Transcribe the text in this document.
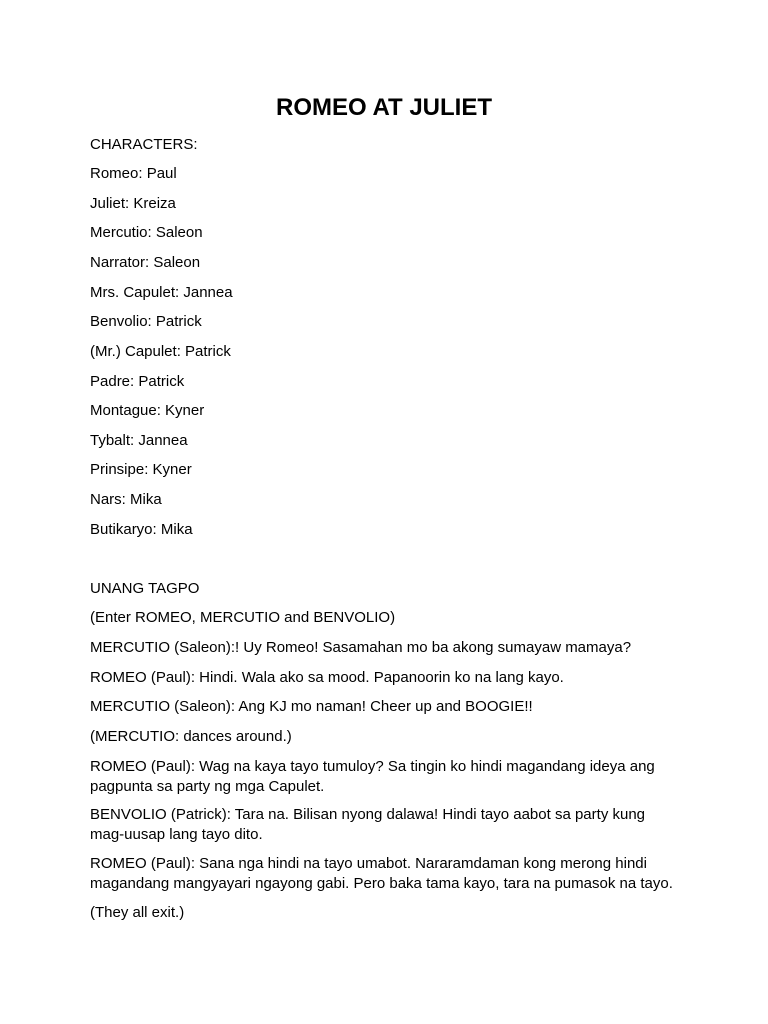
ROMEO AT JULIET

CHARACTERS:

Romeo: Paul

Juliet: Kreiza

Mercutio: Saleon

Narrator: Saleon

Mrs. Capulet: Jannea

Benvolio: Patrick

(Mr.) Capulet: Patrick

Padre: Patrick

Montague: Kyner

Tybalt: Jannea

Prinsipe: Kyner

Nars: Mika

Butikaryo: Mika

UNANG TAGPO

(Enter ROMEO, MERCUTIO and BENVOLIO)

MERCUTIO (Saleon):! Uy Romeo! Sasamahan mo ba akong sumayaw mamaya?

ROMEO (Paul): Hindi. Wala ako sa mood. Papanoorin ko na lang kayo.

MERCUTIO (Saleon): Ang KJ mo naman! Cheer up and BOOGIE!!

(MERCUTIO: dances around.)

ROMEO (Paul): Wag na kaya tayo tumuloy? Sa tingin ko hindi magandang ideya ang pagpunta sa party ng mga Capulet.

BENVOLIO (Patrick): Tara na. Bilisan nyong dalawa! Hindi tayo aabot sa party kung mag-uusap lang tayo dito.

ROMEO (Paul): Sana nga hindi na tayo umabot. Nararamdaman kong merong hindi magandang mangyayari ngayong gabi. Pero baka tama kayo, tara na pumasok na tayo.

(They all exit.)
